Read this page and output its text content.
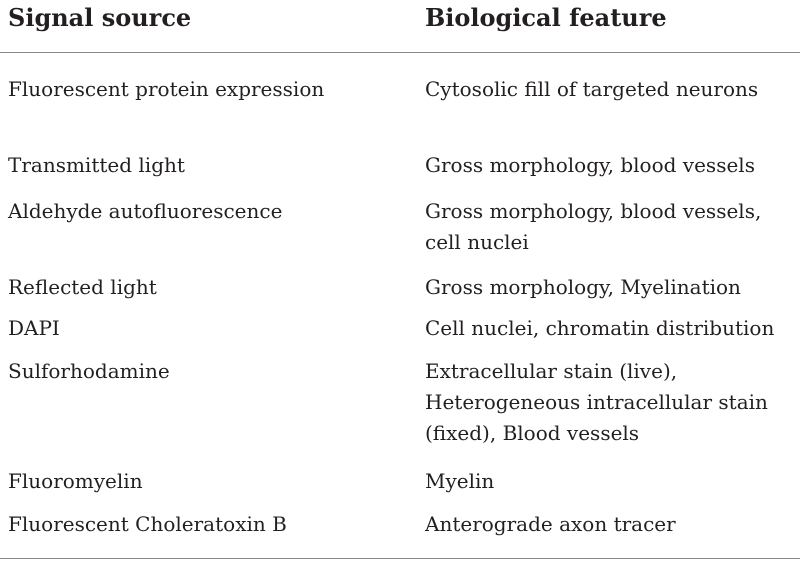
Signal source	Biological feature
Fluorescent protein expression	Cytosolic fill of targeted neurons
Transmitted light	Gross morphology, blood vessels
Aldehyde autofluorescence	Gross morphology, blood vessels, cell nuclei
Reflected light	Gross morphology, Myelination
DAPI	Cell nuclei, chromatin distribution
Sulforhodamine	Extracellular stain (live), Heterogeneous intracellular stain (fixed), Blood vessels
Fluoromyelin	Myelin
Fluorescent Choleratoxin B	Anterograde axon tracer
